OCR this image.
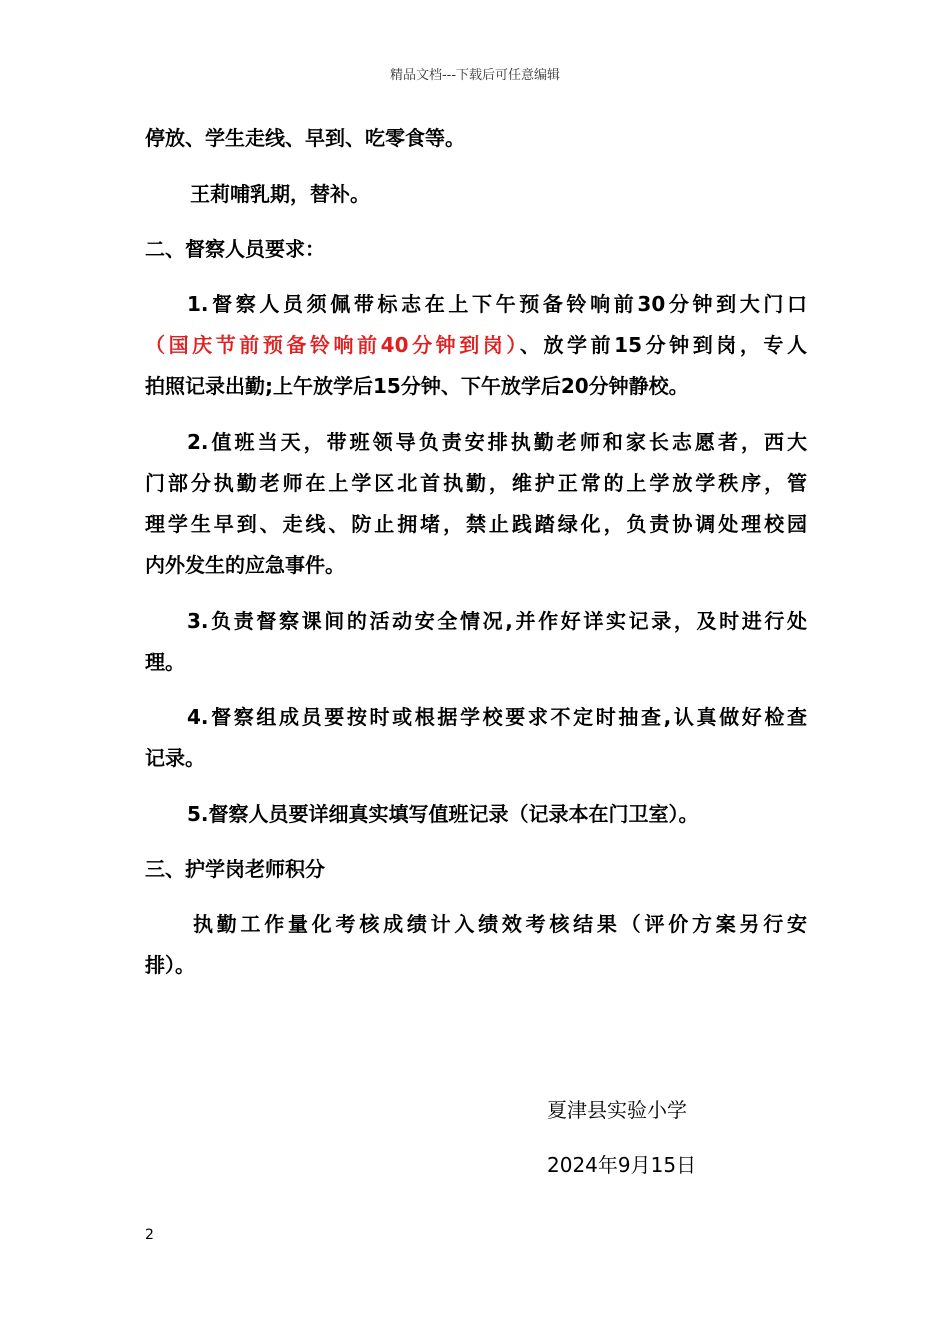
精品文档---下载后可任意编辑
停放、学生走线、早到、吃零食等。
王莉哺乳期，替补。
二、督察人员要求：
1.督察人员须佩带标志在上下午预备铃响前30分钟到大门口
（国庆节前预备铃响前40分钟到岗）、放学前15分钟到岗，专人
拍照记录出勤;上午放学后15分钟、下午放学后20分钟静校。
2.值班当天，带班领导负责安排执勤老师和家长志愿者，西大
门部分执勤老师在上学区北首执勤，维护正常的上学放学秩序，管
理学生早到、走线、防止拥堵，禁止践踏绿化，负责协调处理校园
内外发生的应急事件。
3.负责督察课间的活动安全情况,并作好详实记录，及时进行处
理。
4.督察组成员要按时或根据学校要求不定时抽查,认真做好检查
记录。
5.督察人员要详细真实填写值班记录（记录本在门卫室）。
三、护学岗老师积分
执勤工作量化考核成绩计入绩效考核结果（评价方案另行安
排）。
夏津县实验小学
2024年9月15日
2
